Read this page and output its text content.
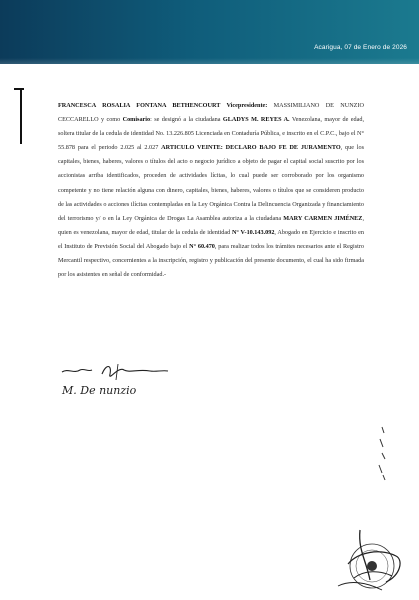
Acarigua, 07 de Enero de 2026

FRANCESCA ROSALIA FONTANA BETHENCOURT Vicepresidente: MASSIMILIANO DE NUNZIO CECCARELLO y como Comisario: se designó a la ciudadana GLADYS M. REYES A. Venezolana, mayor de edad, soltera titular de la cedula de identidad No. 13.226.805 Licenciada en Contaduría Pública, e inscrito en el C.P.C., bajo el N° 55.878 para el periodo 2.025 al 2.027 ARTICULO VEINTE: DECLARO BAJO FE DE JURAMENTO, que los capitales, bienes, haberes, valores o títulos del acto o negocio jurídico a objeto de pagar el capital social suscrito por los accionistas arriba identificados, proceden de actividades lícitas, lo cual puede ser corroborado por los organismo competente y no tiene relación alguna con dinero, capitales, bienes, haberes, valores o títulos que se consideren producto de las actividades o acciones ilícitas contempladas en la Ley Orgánica Contra la Delincuencia Organizada y financiamiento del terrorismo y/ o en la Ley Orgánica de Drogas La Asamblea autoriza a la ciudadana MARY CARMEN JIMÉNEZ, quien es venezolana, mayor de edad, titular de la cedula de identidad N° V-10.143.092, Abogado en Ejercicio e inscrito en el Instituto de Previsión Social del Abogado bajo el N° 60.470, para realizar todos los trámites necesarios ante el Registro Mercantil respectivo, concernientes a la inscripción, registro y publicación del presente documento, el cual ha sido firmada por los asistentes en señal de conformidad.-

M. De nunzio
